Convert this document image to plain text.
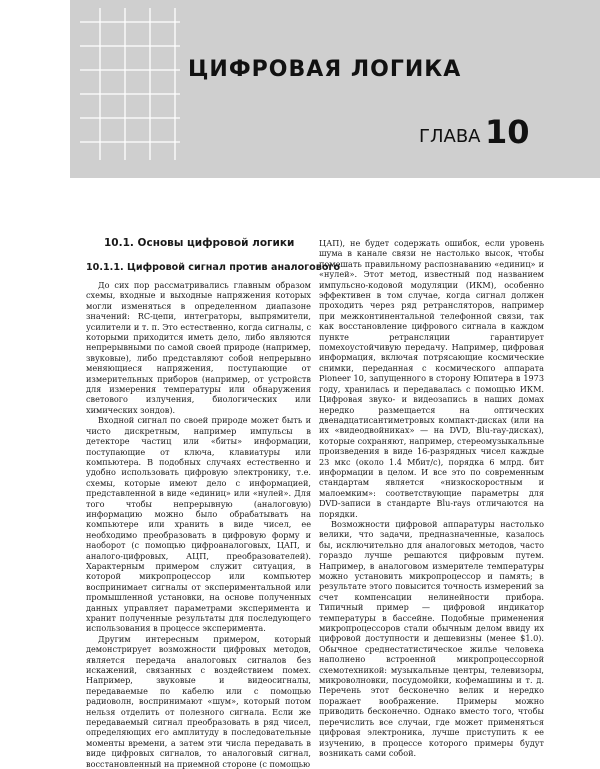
ЦИФРОВАЯ ЛОГИКА
ГЛАВА 10
10.1. Основы цифровой логики
10.1.1. Цифровой сигнал против аналогового

До сих пор рассматривались главным образом схемы, входные и выходные напряжения которых могли изменяться в определенном диапазоне значений: RC-цепи, интеграторы, выпрямители, усилители и т. п. Это естественно, когда сигналы, с которыми приходится иметь дело, либо являются непрерывными по самой своей природе (например, звуковые), либо представляют собой непрерывно меняющиеся напряжения, поступающие от измерительных приборов (например, от устройств для измерения температуры или обнаружения светового излучения, биологических или химических зондов).

Входной сигнал по своей природе может быть и чисто дискретным, например импульсы в детекторе частиц или «биты» информации, поступающие от ключа, клавиатуры или компьютера. В подобных случаях естественно и удобно использовать цифровую электронику, т.е. схемы, которые имеют дело с информацией, представленной в виде «единиц» или «нулей». Для того чтобы непрерывную (аналоговую) информацию можно было обрабатывать на компьютере или хранить в виде чисел, ее необходимо преобразовать в цифровую форму и наоборот (с помощью цифроаналоговых, ЦАП, и аналого-цифровых, АЦП, преобразователей). Характерным примером служит ситуация, в которой микропроцессор или компьютер воспринимает сигналы от экспериментальной или промышленной установки, на основе полученных данных управляет параметрами эксперимента и хранит полученные результаты для последующего использования в процессе эксперимента.

Другим интересным примером, который демонстрирует возможности цифровых методов, является передача аналоговых сигналов без искажений, связанных с воздействием помех. Например, звуковые и видеосигналы, передаваемые по кабелю или с помощью радиоволн, воспринимают «шум», который потом нельзя отделить от полезного сигнала. Если же передаваемый сигнал преобразовать в ряд чисел, определяющих его амплитуду в последовательные моменты времени, а затем эти числа передавать в виде цифровых сигналов, то аналоговый сигнал, восстановленный на приемной стороне (с помощью

ЦАП), не будет содержать ошибок, если уровень шума в канале связи не настолько высок, чтобы помешать правильному распознаванию «единиц» и «нулей». Этот метод, известный под названием импульсно-кодовой модуляции (ИКМ), особенно эффективен в том случае, когда сигнал должен проходить через ряд ретрансляторов, например при межконтинентальной телефонной связи, так как восстановление цифрового сигнала в каждом пункте ретрансляции гарантирует помехоустойчивую передачу. Например, цифровая информация, включая потрясающие космические снимки, переданная с космического аппарата Pioneer 10, запущенного в сторону Юпитера в 1973 году, хранилась и передавалась с помощью ИКМ. Цифровая звуко- и видеозапись в наших домах нередко размещается на оптических двенадцатисантиметровых компакт-дисках (или на их «видеодвойниках» — на DVD, Blu-ray-дисках), которые сохраняют, например, стереомузыкальные произведения в виде 16-разрядных чисел каждые 23 мкс (около 1.4 Мбит/с), порядка 6 млрд. бит информации в целом. И все это по современным стандартам является «низкоскоростным и малоемким»: соответствующие параметры для DVD-записи в стандарте Blu-rays отличаются на порядки.

Возможности цифровой аппаратуры настолько велики, что задачи, предназначенные, казалось бы, исключительно для аналоговых методов, часто гораздо лучше решаются цифровым путем. Например, в аналоговом измерителе температуры можно установить микропроцессор и память; в результате этого повысится точность измерений за счет компенсации нелинейности прибора. Типичный пример — цифровой индикатор температуры в бассейне. Подобные применения микропроцессоров стали обычным делом ввиду их цифровой доступности и дешевизны (менее $1.0). Обычное среднестатистическое жилье человека наполнено встроенной микропроцессорной схемотехникой: музыкальные центры, телевизоры, микроволновки, посудомойки, кофемашины и т. д. Перечень этот бесконечно велик и нередко поражает воображение. Примеры можно приводить бесконечно. Однако вместо того, чтобы перечислить все случаи, где может применяться цифровая электроника, лучше приступить к ее изучению, в процессе которого примеры будут возникать сами собой.
